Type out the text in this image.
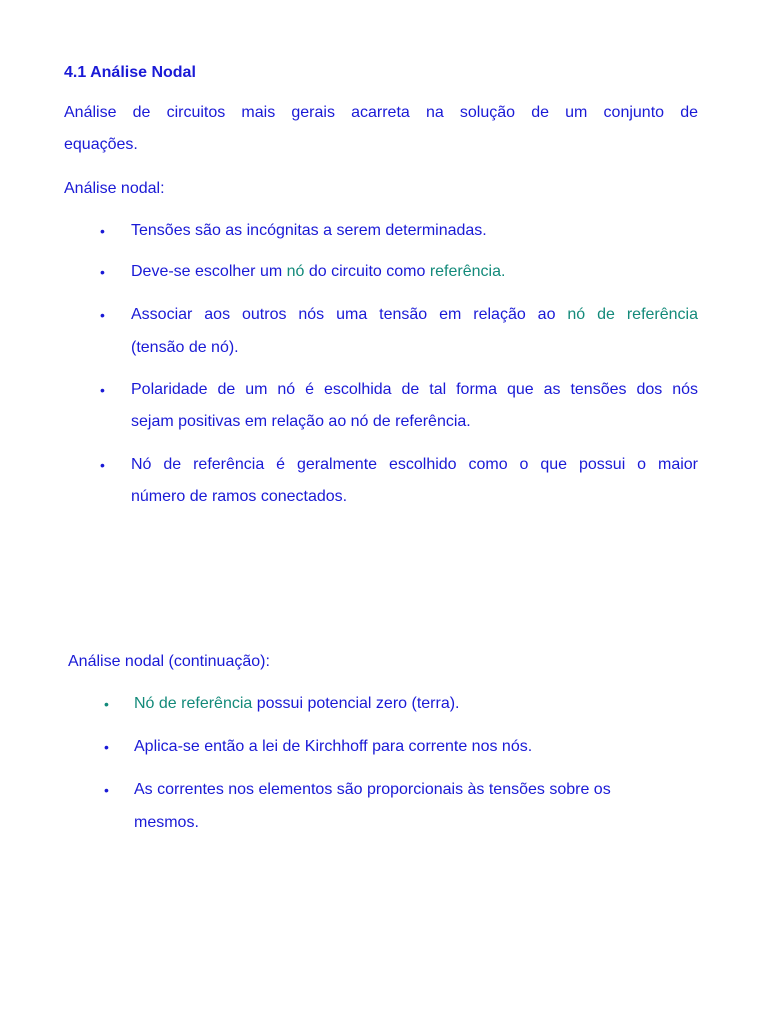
4.1 Análise Nodal
Análise de circuitos mais gerais acarreta na solução de um conjunto de
equações.
Análise nodal:
• Tensões são as incógnitas a serem determinadas.
• Deve-se escolher um nó do circuito como referência.
• Associar aos outros nós uma tensão em relação ao nó de referência
(tensão de nó).
• Polaridade de um nó é escolhida de tal forma que as tensões dos nós
sejam positivas em relação ao nó de referência.
• Nó de referência é geralmente escolhido como o que possui o maior
número de ramos conectados.
Análise nodal (continuação):
• Nó de referência possui potencial zero (terra).
• Aplica-se então a lei de Kirchhoff para corrente nos nós.
• As correntes nos elementos são proporcionais às tensões sobre os
mesmos.
